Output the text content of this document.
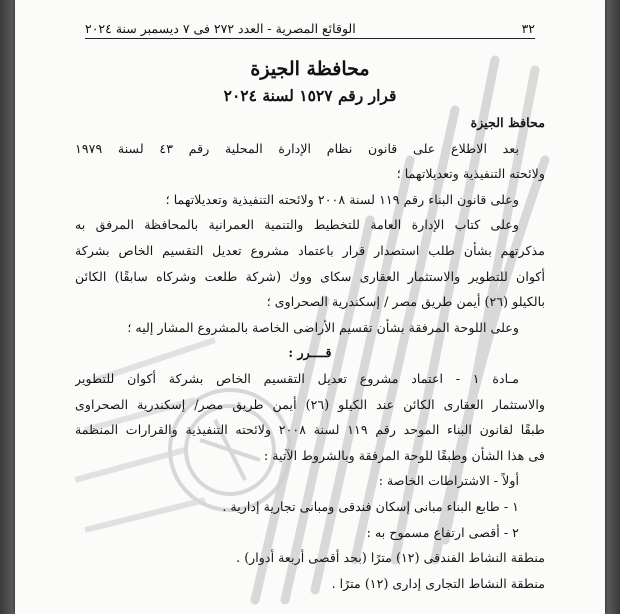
٣٢
الوقائع المصرية - العدد ٢٧٢ فى ٧ ديسمبر سنة ٢٠٢٤
محافظة الجيزة
قرار رقم ١٥٢٧ لسنة ٢٠٢٤
محافظ الجيزة
بعد الاطلاع على قانون نظام الإدارة المحلية رقم ٤٣ لسنة ١٩٧٩
ولائحته التنفيذية وتعديلاتهما ؛
وعلى قانون البناء رقم ١١٩ لسنة ٢٠٠٨ ولائحته التنفيذية وتعديلاتهما ؛
وعلى كتاب الإدارة العامة للتخطيط والتنمية العمرانية بالمحافظة المرفق به
مذكرتهم بشأن طلب استصدار قرار باعتماد مشروع تعديل التقسيم الخاص بشركة
أكوان للتطوير والاستثمار العقارى سكاى ووك (شركة طلعت وشركاه سابقًا) الكائن
بالكيلو (٢٦) أيمن طريق مصر / إسكندرية الصحراوى ؛
وعلى اللوحة المرفقة بشأن تقسيم الأراضى الخاصة بالمشروع المشار إليه ؛
قــــرر :
مـادة ١ - اعتماد مشروع تعديل التقسيم الخاص بشركة أكوان للتطوير
والاستثمار العقارى الكائن عند الكيلو (٢٦) أيمن طريق مصر/ إسكندرية الصحراوى
طبقًا لقانون البناء الموحد رقم ١١٩ لسنة ٢٠٠٨ ولائحته التنفيذية والقرارات المنظمة
فى هذا الشأن وطبقًا للوحة المرفقة وبالشروط الآتية :
أولاً - الاشتراطات الخاصة :
١ - طابع البناء مبانى إسكان فندقى ومبانى تجارية إدارية .
٢ - أقصى ارتفاع مسموح به :
منطقة النشاط الفندقى (١٢) مترًا (بحد أقصى أربعة أدوار) .
منطقة النشاط التجارى إدارى (١٢) مترًا .
